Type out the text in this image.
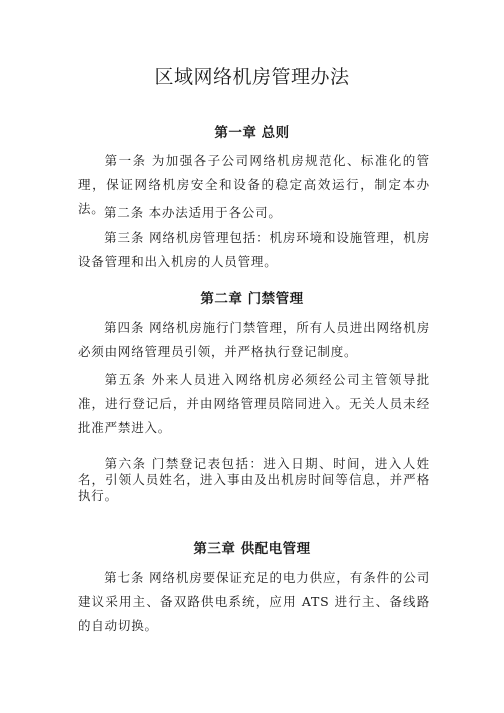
区域网络机房管理办法
第一章 总则

第一条 为加强各子公司网络机房规范化、标准化的管理，保证网络机房安全和设备的稳定高效运行，制定本办法。 第二条 本办法适用于各公司。

第三条 网络机房管理包括：机房环境和设施管理，机房设备管理和出入机房的人员管理。

第二章 门禁管理

第四条 网络机房施行门禁管理，所有人员进出网络机房必须由网络管理员引领，并严格执行登记制度。

第五条 外来人员进入网络机房必须经公司主管领导批准，进行登记后，并由网络管理员陪同进入。无关人员未经批准严禁进入。

第六条 门禁登记表包括：进入日期、时间，进入人姓名，引领人员姓名，进入事由及出机房时间等信息，并严格执行。

第三章 供配电管理

第七条 网络机房要保证充足的电力供应，有条件的公司建议采用主、备双路供电系统，应用 ATS 进行主、备线路的自动切换。
